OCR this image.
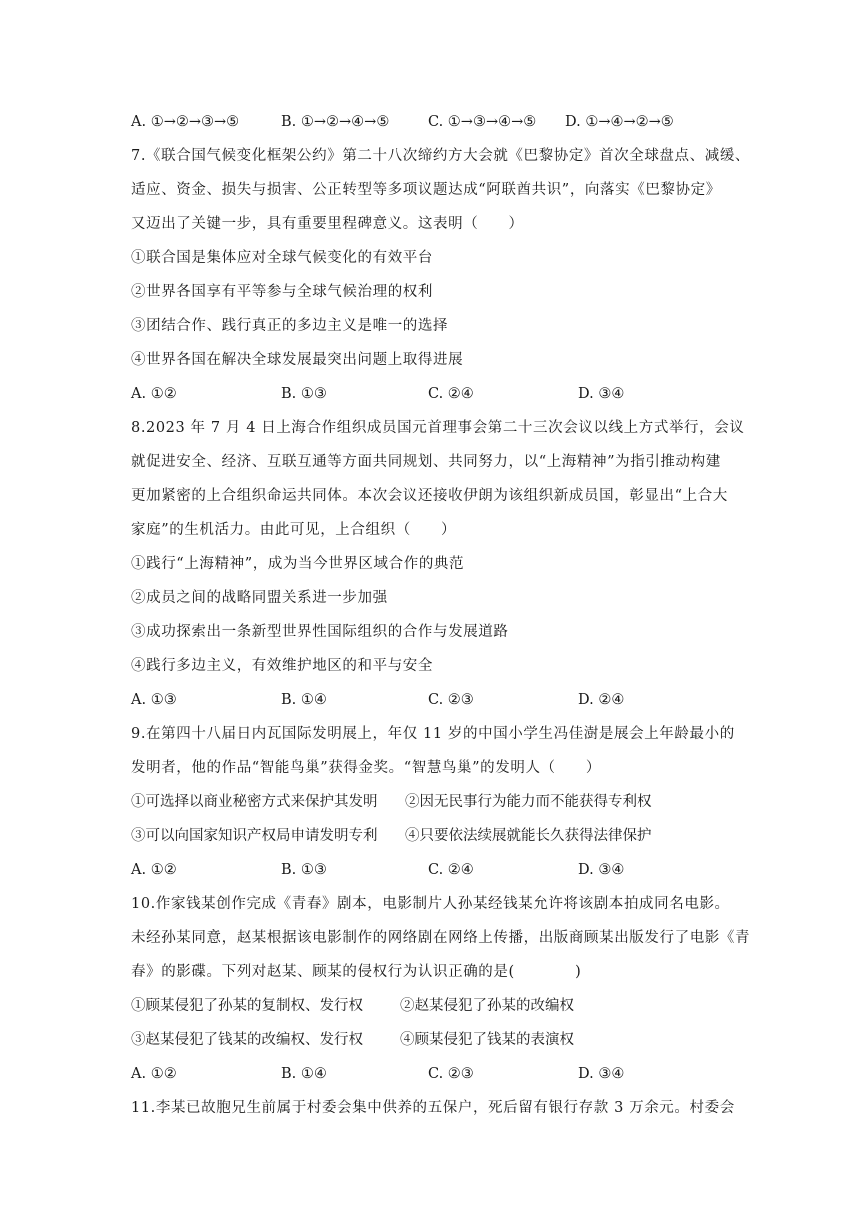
A. ①→②→③→⑤	B. ①→②→④→⑤	C. ①→③→④→⑤ D. ①→④→②→⑤
7.《联合国气候变化框架公约》第二十八次缔约方大会就《巴黎协定》首次全球盘点、减缓、
适应、资金、损失与损害、公正转型等多项议题达成“阿联酋共识”，向落实《巴黎协定》
又迈出了关键一步，具有重要里程碑意义。这表明（　　）
①联合国是集体应对全球气候变化的有效平台
②世界各国享有平等参与全球气候治理的权利
③团结合作、践行真正的多边主义是唯一的选择
④世界各国在解决全球发展最突出问题上取得进展
A. ①②	B. ①③	C. ②④	D. ③④
8.2023 年 7 月 4 日上海合作组织成员国元首理事会第二十三次会议以线上方式举行，会议
就促进安全、经济、互联互通等方面共同规划、共同努力，以“上海精神”为指引推动构建
更加紧密的上合组织命运共同体。本次会议还接收伊朗为该组织新成员国，彰显出“上合大
家庭”的生机活力。由此可见，上合组织（　　）
①践行“上海精神”，成为当今世界区域合作的典范
②成员之间的战略同盟关系进一步加强
③成功探索出一条新型世界性国际组织的合作与发展道路
④践行多边主义，有效维护地区的和平与安全
A. ①③	B. ①④	C. ②③	D. ②④
9.在第四十八届日内瓦国际发明展上，年仅 11 岁的中国小学生冯佳澍是展会上年龄最小的
发明者，他的作品“智能鸟巢”获得金奖。“智慧鸟巢”的发明人（　　）
①可选择以商业秘密方式来保护其发明 ②因无民事行为能力而不能获得专利权
③可以向国家知识产权局申请发明专利 ④只要依法续展就能长久获得法律保护
A. ①②	B. ①③	C. ②④	D. ③④
10.作家钱某创作完成《青春》剧本，电影制片人孙某经钱某允许将该剧本拍成同名电影。
未经孙某同意，赵某根据该电影制作的网络剧在网络上传播，出版商顾某出版发行了电影《青
春》的影碟。下列对赵某、顾某的侵权行为认识正确的是(　　　　)
①顾某侵犯了孙某的复制权、发行权	②赵某侵犯了孙某的改编权
③赵某侵犯了钱某的改编权、发行权	④顾某侵犯了钱某的表演权
A. ①②	B. ①④	C. ②③	D. ③④
11.李某已故胞兄生前属于村委会集中供养的五保户，死后留有银行存款 3 万余元。村委会
